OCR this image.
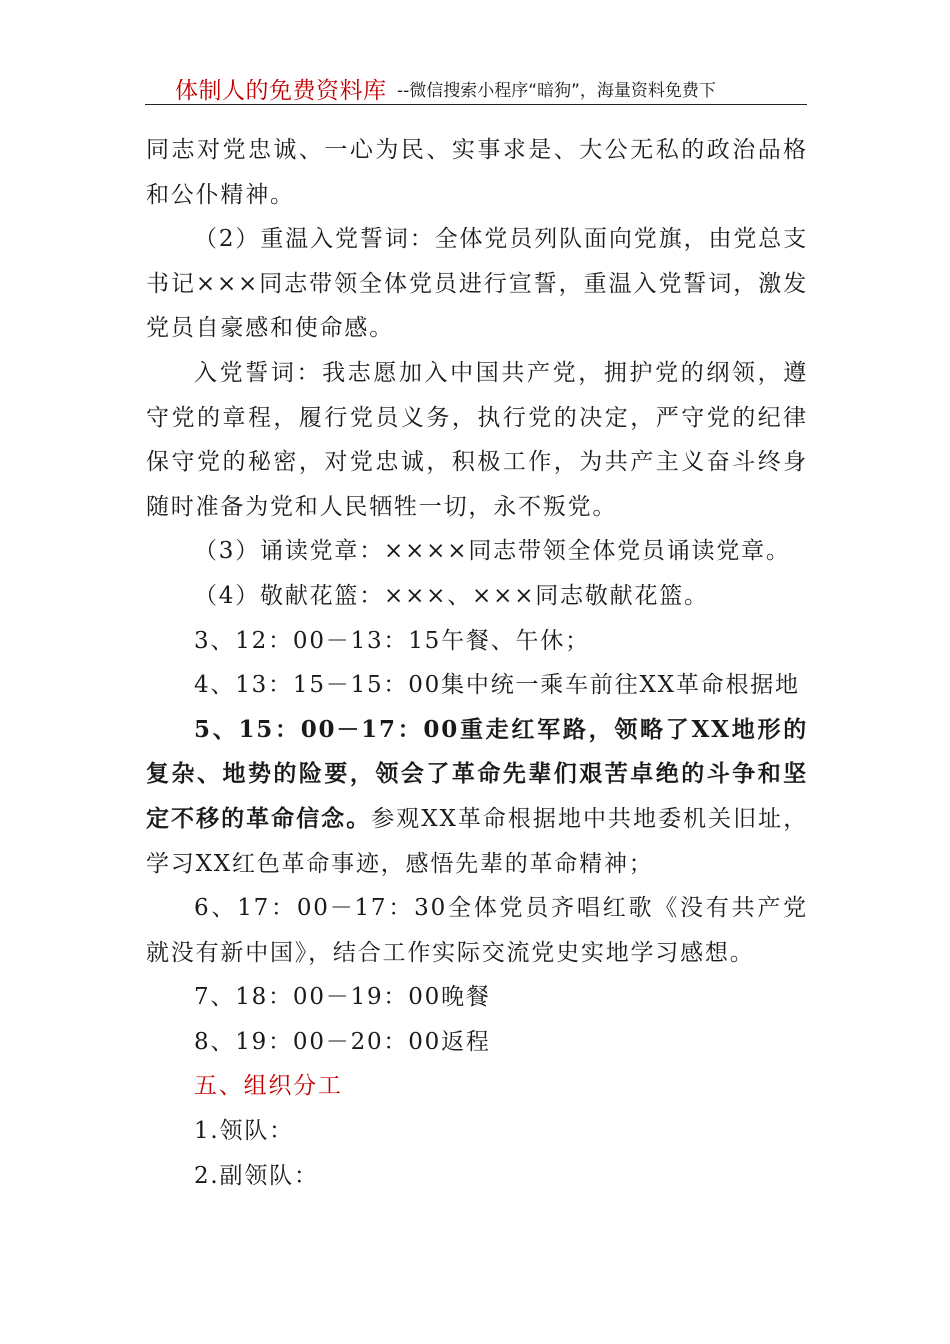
体制人的免费资料库 --微信搜索小程序“暗狗”，海量资料免费下

同志对党忠诚、一心为民、实事求是、大公无私的政治品格和公仆精神。

（2）重温入党誓词：全体党员列队面向党旗，由党总支书记×××同志带领全体党员进行宣誓，重温入党誓词，激发党员自豪感和使命感。

入党誓词：我志愿加入中国共产党，拥护党的纲领，遵守党的章程，履行党员义务，执行党的决定，严守党的纪律保守党的秘密，对党忠诚，积极工作，为共产主义奋斗终身随时准备为党和人民牺牲一切，永不叛党。

（3）诵读党章：××××同志带领全体党员诵读党章。

（4）敬献花篮：×××、×××同志敬献花篮。

3、12：00－13：15午餐、午休；

4、13：15－15：00集中统一乘车前往XX革命根据地

5、15：00－17：00重走红军路，领略了XX地形的复杂、地势的险要，领会了革命先辈们艰苦卓绝的斗争和坚定不移的革命信念。参观XX革命根据地中共地委机关旧址，学习XX红色革命事迹，感悟先辈的革命精神；

6、17：00－17：30全体党员齐唱红歌《没有共产党就没有新中国》，结合工作实际交流党史实地学习感想。

7、18：00－19：00晚餐

8、19：00－20：00返程

五、组织分工

1.领队：

2.副领队：
